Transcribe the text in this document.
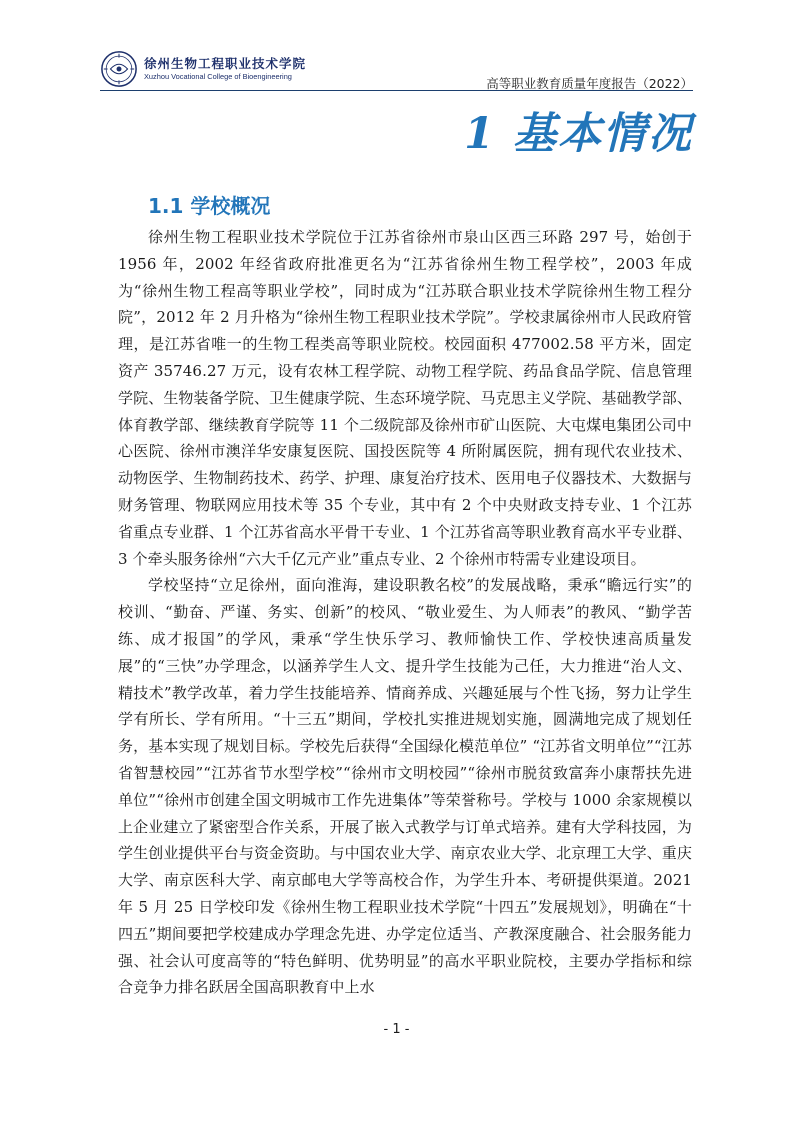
徐州生物工程职业技术学院
Xuzhou Vocational College of Bioengineering	高等职业教育质量年度报告（2022）
1 基本情况
1.1 学校概况

徐州生物工程职业技术学院位于江苏省徐州市泉山区西三环路 297 号，始创于 1956 年，2002 年经省政府批准更名为“江苏省徐州生物工程学校”，2003 年成为“徐州生物工程高等职业学校”，同时成为“江苏联合职业技术学院徐州生物工程分院”，2012 年 2 月升格为“徐州生物工程职业技术学院”。学校隶属徐州市人民政府管理，是江苏省唯一的生物工程类高等职业院校。校园面积 477002.58 平方米，固定资产 35746.27 万元，设有农林工程学院、动物工程学院、药品食品学院、信息管理学院、生物装备学院、卫生健康学院、生态环境学院、马克思主义学院、基础教学部、体育教学部、继续教育学院等 11 个二级院部及徐州市矿山医院、大屯煤电集团公司中心医院、徐州市澳洋华安康复医院、国投医院等 4 所附属医院，拥有现代农业技术、动物医学、生物制药技术、药学、护理、康复治疗技术、医用电子仪器技术、大数据与财务管理、物联网应用技术等 35 个专业，其中有 2 个中央财政支持专业、1 个江苏省重点专业群、1 个江苏省高水平骨干专业、1 个江苏省高等职业教育高水平专业群、3 个牵头服务徐州“六大千亿元产业”重点专业、2 个徐州市特需专业建设项目。

学校坚持“立足徐州，面向淮海，建设职教名校”的发展战略，秉承“瞻远行实”的校训、“勤奋、严谨、务实、创新”的校风、“敬业爱生、为人师表”的教风、“勤学苦练、成才报国”的学风，秉承“学生快乐学习、教师愉快工作、学校快速高质量发展”的“三快”办学理念，以涵养学生人文、提升学生技能为己任，大力推进“治人文、精技术”教学改革，着力学生技能培养、情商养成、兴趣延展与个性飞扬，努力让学生学有所长、学有所用。“十三五”期间，学校扎实推进规划实施，圆满地完成了规划任务，基本实现了规划目标。学校先后获得“全国绿化模范单位” “江苏省文明单位”“江苏省智慧校园”“江苏省节水型学校”“徐州市文明校园”“徐州市脱贫致富奔小康帮扶先进单位”“徐州市创建全国文明城市工作先进集体”等荣誉称号。学校与 1000 余家规模以上企业建立了紧密型合作关系，开展了嵌入式教学与订单式培养。建有大学科技园，为学生创业提供平台与资金资助。与中国农业大学、南京农业大学、北京理工大学、重庆大学、南京医科大学、南京邮电大学等高校合作，为学生升本、考研提供渠道。2021 年 5 月 25 日学校印发《徐州生物工程职业技术学院“十四五”发展规划》，明确在“十四五”期间要把学校建成办学理念先进、办学定位适当、产教深度融合、社会服务能力强、社会认可度高等的“特色鲜明、优势明显”的高水平职业院校，主要办学指标和综合竞争力排名跃居全国高职教育中上水

- 1 -
